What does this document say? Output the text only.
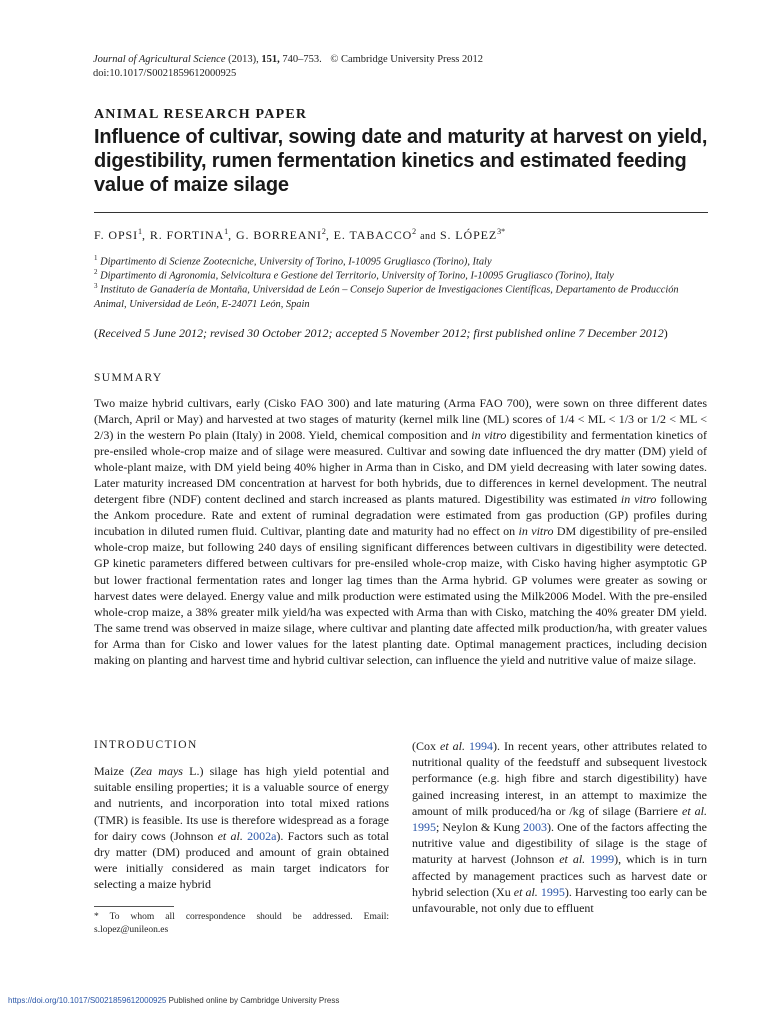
Journal of Agricultural Science (2013), 151, 740–753. © Cambridge University Press 2012
doi:10.1017/S0021859612000925
ANIMAL RESEARCH PAPER
Influence of cultivar, sowing date and maturity at harvest on yield, digestibility, rumen fermentation kinetics and estimated feeding value of maize silage
F. OPSI$^1$, R. FORTINA$^1$, G. BORREANI$^2$, E. TABACCO$^2$ and S. $LÓPEZ^{3*}$
$^1$ Dipartimento di Scienze Zootecniche, University of Torino, I-10095 Grugliasco (Torino), Italy
$^2$ Dipartimento di Agronomia, Selvicoltura e Gestione del Territorio, University of Torino, I-10095 Grugliasco (Torino), Italy
$^3$ Instituto de Ganadería de Montaña, Universidad de León – Consejo Superior de Investigaciones Científicas, Departamento de Producción Animal, Universidad de León, E-24071 León, Spain
(Received 5 June 2012; revised 30 October 2012; accepted 5 November 2012; first published online 7 December 2012)
SUMMARY
Two maize hybrid cultivars, early (Cisko FAO 300) and late maturing (Arma FAO 700), were sown on three different dates (March, April or May) and harvested at two stages of maturity (kernel milk line (ML) scores of 1/4 < ML < 1/3 or 1/2 < ML < 2/3) in the western Po plain (Italy) in 2008. Yield, chemical composition and in vitro digestibility and fermentation kinetics of pre-ensiled whole-crop maize and of silage were measured. Cultivar and sowing date influenced the dry matter (DM) yield of whole-plant maize, with DM yield being 40% higher in Arma than in Cisko, and DM yield decreasing with later sowing dates. Later maturity increased DM concentration at harvest for both hybrids, due to differences in kernel development. The neutral detergent fibre (NDF) content declined and starch increased as plants matured. Digestibility was estimated in vitro following the Ankom procedure. Rate and extent of ruminal degradation were estimated from gas production (GP) profiles during incubation in diluted rumen fluid. Cultivar, planting date and maturity had no effect on in vitro DM digestibility of pre-ensiled whole-crop maize, but following 240 days of ensiling significant differences between cultivars in digestibility were detected. GP kinetic parameters differed between cultivars for pre-ensiled whole-crop maize, with Cisko having higher asymptotic GP but lower fractional fermentation rates and longer lag times than the Arma hybrid. GP volumes were greater as sowing or harvest dates were delayed. Energy value and milk production were estimated using the Milk2006 Model. With the pre-ensiled whole-crop maize, a 38% greater milk yield/ha was expected with Arma than with Cisko, matching the 40% greater DM yield. The same trend was observed in maize silage, where cultivar and planting date affected milk production/ha, with greater values for Arma than for Cisko and lower values for the latest planting date. Optimal management practices, including decision making on planting and harvest time and hybrid cultivar selection, can influence the yield and nutritive value of maize silage.
INTRODUCTION
Maize (Zea mays L.) silage has high yield potential and suitable ensiling properties; it is a valuable source of energy and nutrients, and incorporation into total mixed rations (TMR) is feasible. Its use is therefore widespread as a forage for dairy cows (Johnson et al. 2002a). Factors such as total dry matter (DM) produced and amount of grain obtained were initially considered as main target indicators for selecting a maize hybrid
(Cox et al. 1994). In recent years, other attributes related to nutritional quality of the feedstuff and subsequent livestock performance (e.g. high fibre and starch digestibility) have gained increasing interest, in an attempt to maximize the amount of milk produced/ha or /kg of silage (Barriere et al. 1995; Neylon & Kung 2003). One of the factors affecting the nutritive value and digestibility of silage is the stage of maturity at harvest (Johnson et al. 1999), which is in turn affected by management practices such as harvest date or hybrid selection (Xu et al. 1995). Harvesting too early can be unfavourable, not only due to effluent
* To whom all correspondence should be addressed. Email: s.lopez@unileon.es
https://doi.org/10.1017/S0021859612000925 Published online by Cambridge University Press
